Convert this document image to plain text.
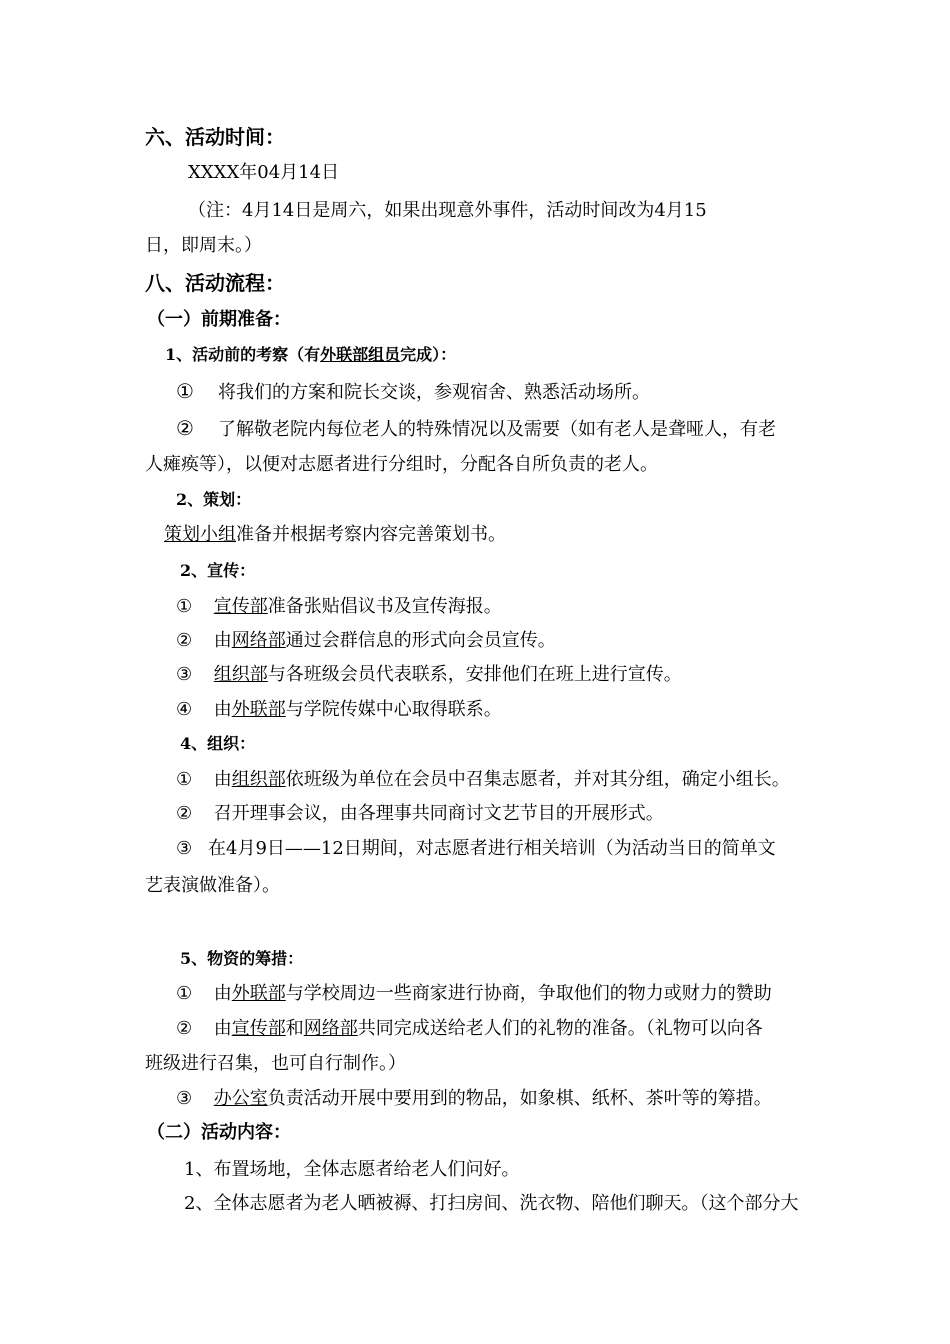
六、活动时间：
XXXX年04月14日
（注：4月14日是周六，如果出现意外事件，活动时间改为4月15
日，即周末。）
八、活动流程：
（一）前期准备：
1、活动前的考察（有外联部组员完成）：
① 将我们的方案和院长交谈，参观宿舍、熟悉活动场所。
② 了解敬老院内每位老人的特殊情况以及需要（如有老人是聋哑人，有老
人瘫痪等），以便对志愿者进行分组时，分配各自所负责的老人。
2、策划：
策划小组准备并根据考察内容完善策划书。
2、宣传：
① 宣传部准备张贴倡议书及宣传海报。
② 由网络部通过会群信息的形式向会员宣传。
③ 组织部与各班级会员代表联系，安排他们在班上进行宣传。
④ 由外联部与学院传媒中心取得联系。
4、组织：
① 由组织部依班级为单位在会员中召集志愿者，并对其分组，确定小组长。
② 召开理事会议，由各理事共同商讨文艺节目的开展形式。
③ 在4月9日——12日期间，对志愿者进行相关培训（为活动当日的简单文
艺表演做准备）。
5、物资的筹措：
① 由外联部与学校周边一些商家进行协商，争取他们的物力或财力的赞助
② 由宣传部和网络部共同完成送给老人们的礼物的准备。（礼物可以向各
班级进行召集，也可自行制作。）
③ 办公室负责活动开展中要用到的物品，如象棋、纸杯、茶叶等的筹措。
（二）活动内容：
1、布置场地，全体志愿者给老人们问好。
2、全体志愿者为老人晒被褥、打扫房间、洗衣物、陪他们聊天。（这个部分大
